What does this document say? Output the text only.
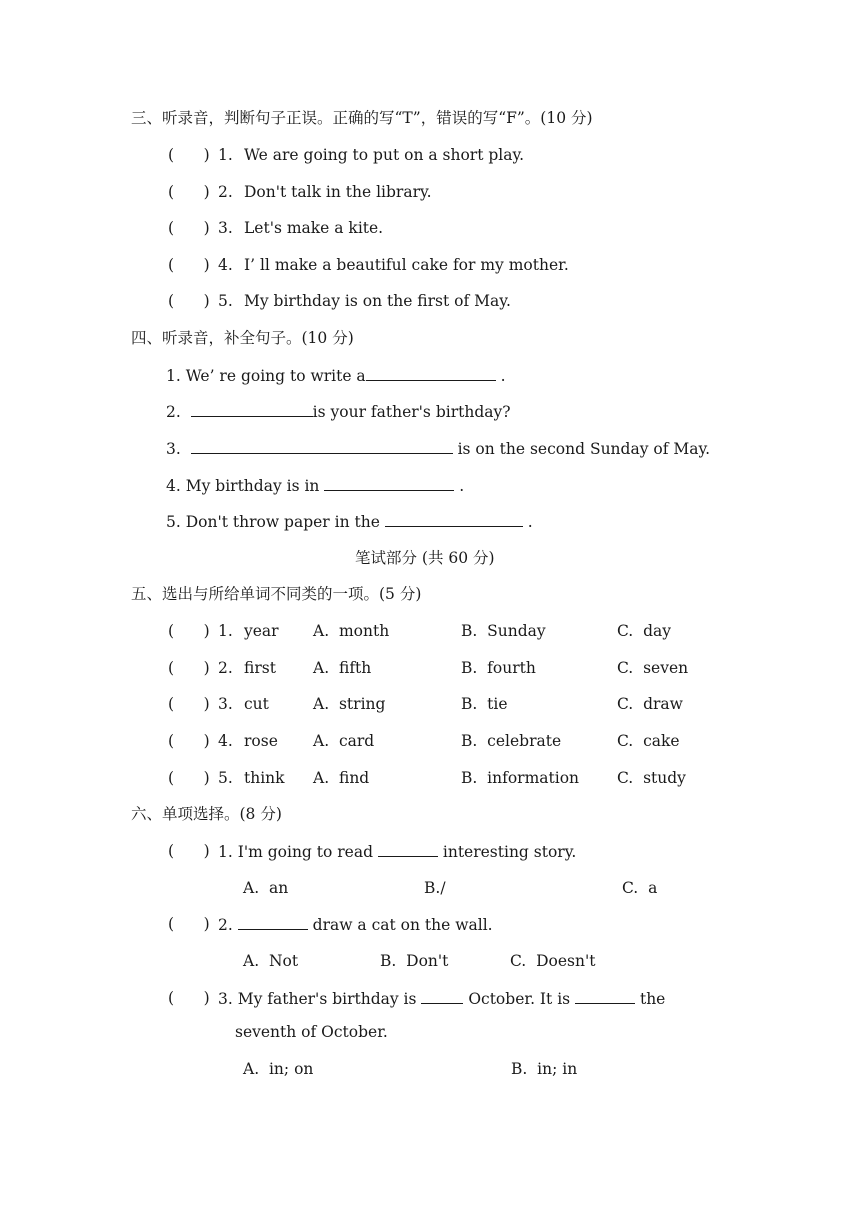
三、听录音，判断句子正误。正确的写“T”，错误的写“F”。(10 分)
(      ) 1. We are going to put on a short play.
(      ) 2. Don't talk in the library.
(      ) 3. Let's make a kite.
(      ) 4. I’ ll make a beautiful cake for my mother.
(      ) 5. My birthday is on the first of May.
四、听录音，补全句子。(10 分)
1. We’ re going to write a	.
2.	is your father's birthday?
3.	is on the second Sunday of May.
4. My birthday is in	.
5. Don't throw paper in the	.
笔试部分 (共 60 分)
五、选出与所给单词不同类的一项。(5 分)
(      ) 1. year A.  month	B.  Sunday	C.  day
(      ) 2. first A.  fifth	B.  fourth	C.  seven
(      ) 3. cut	A.  string	B.  tie	C.  draw
(      ) 4. rose A.  card	B.  celebrate	C.  cake
(      ) 5. think A.  find	B.  information C.  study
六、单项选择。(8 分)
(      ) 1. I'm going to read	interesting story.
A.  an	B./	C.  a
(      ) 2.	draw a cat on the wall.
A.  Not	B.  Don't	C.  Doesn't
(      ) 3. My father's birthday is	October. It is	the
seventh of October.
A.  in; on	B.  in; in
